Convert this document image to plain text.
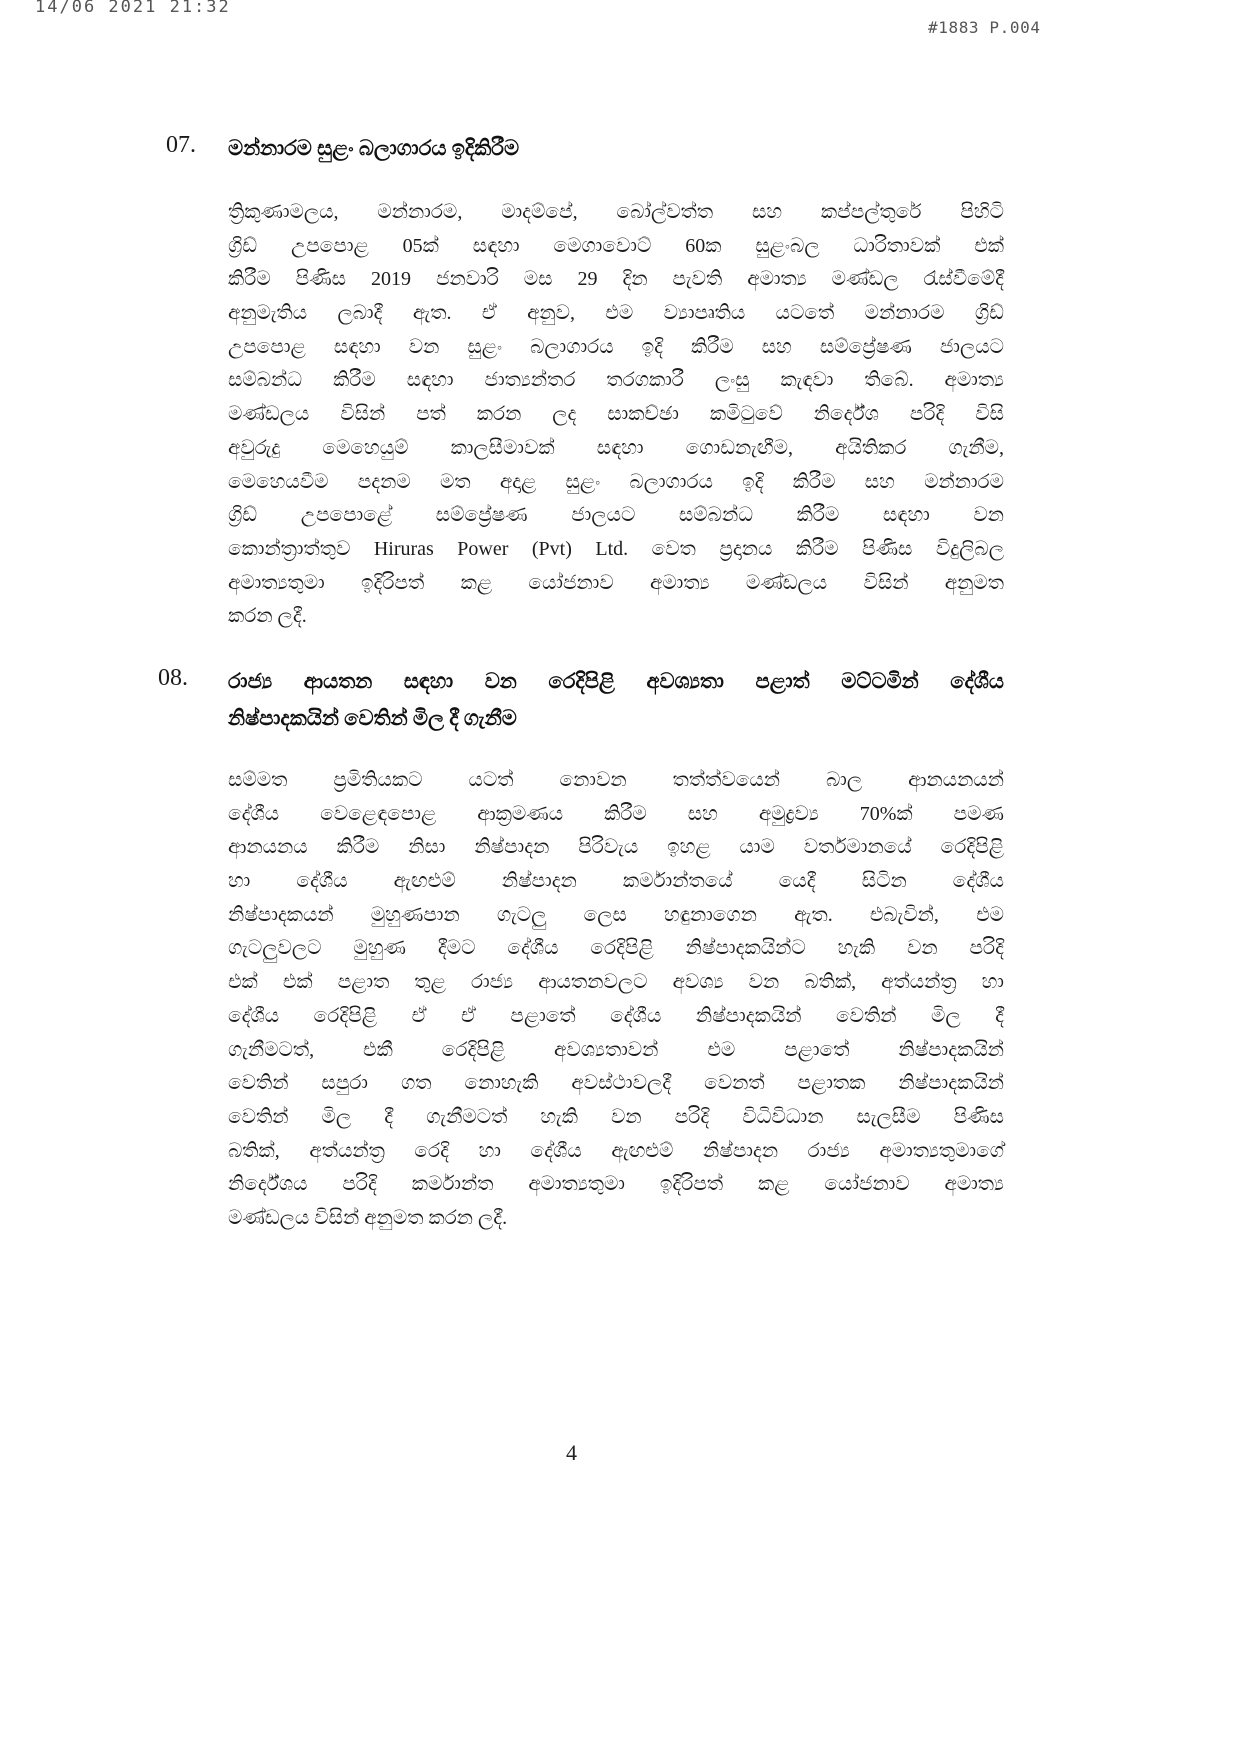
14/06 2021 21:32
#1883 P.004
07. මන්නාරම සුළං බලාගාරය ඉදිකිරීම
ත්‍රිකුණාමලය, මන්නාරම, මාදම්පේ, බෝල්වත්ත සහ කප්පල්තුරේ පිහිටි
ග්‍රිඩ් උපපොළ 05ක් සඳහා මෙගාවොට් 60ක සුළංබල ධාරිතාවක් එක්
කිරීම පිණිස 2019 ජනවාරි මස 29 දින පැවති අමාත්‍ය මණ්ඩල රැස්වීමේදී
අනුමැතිය ලබාදී ඇත. ඒ අනුව, එම ව්‍යාපෘතිය යටතේ මන්නාරම ග්‍රිඩ්
උපපොළ සඳහා වන සුළං බලාගාරය ඉදි කිරීම සහ සම්ප්‍රේෂණ ජාලයට
සම්බන්ධ කිරීම සඳහා ජාත්‍යන්තර තරගකාරී ලංසු කැඳවා තිබේ. අමාත්‍ය
මණ්ඩලය විසින් පත් කරන ලද සාකච්ඡා කමිටුවේ නිර්දේශ පරිදි විසි
අවුරුදු මෙහෙයුම් කාලසීමාවක් සඳහා ගොඩනැඟීම, අයිතිකර ගැනීම,
මෙහෙයවීම පදනම මත අදාළ සුළං බලාගාරය ඉදි කිරීම සහ මන්නාරම
ග්‍රිඩ් උපපොළේ සම්ප්‍රේෂණ ජාලයට සම්බන්ධ කිරීම සඳහා වන
කොන්ත්‍රාත්තුව Hiruras Power (Pvt) Ltd. වෙත ප්‍රදානය කිරීම පිණිස විදුලිබල
අමාත්‍යතුමා ඉදිරිපත් කළ යෝජනාව අමාත්‍ය මණ්ඩලය විසින් අනුමත
කරන ලදී.
08. රාජ්‍ය ආයතන සඳහා වන රෙදිපිළි අවශ්‍යතා පළාත් මට්ටමින් දේශීය
නිෂ්පාදකයින් වෙතින් මිල දී ගැනීම
සම්මත ප්‍රමිතියකට යටත් නොවන තත්ත්වයෙන් බාල ආනයනයන්
දේශීය වෙළෙඳපොළ ආක්‍රමණය කිරීම සහ අමුද්‍රව්‍ය 70%ක් පමණ
ආනයනය කිරීම නිසා නිෂ්පාදන පිරිවැය ඉහළ යාම වර්තමානයේ රෙදිපිළි
හා දේශීය ඇඟළුම් නිෂ්පාදන කර්මාන්තයේ යෙදී සිටින දේශීය
නිෂ්පාදකයන් මුහුණපාන ගැටලු ලෙස හඳුනාගෙන ඇත. එබැවින්, එම
ගැටලුවලට මුහුණ දීමට දේශීය රෙදිපිළි නිෂ්පාදකයින්ට හැකි වන පරිදි
එක් එක් පළාත තුළ රාජ්‍ය ආයතනවලට අවශ්‍ය වන බතික්, අත්යන්ත්‍ර හා
දේශීය රෙදිපිළි ඒ ඒ පළාතේ දේශීය නිෂ්පාදකයින් වෙතින් මිල දී
ගැනීමටත්, එකී රෙදිපිළි අවශ්‍යතාවන් එම පළාතේ නිෂ්පාදකයින්
වෙතින් සපුරා ගත නොහැකි අවස්ථාවලදී වෙනත් පළාතක නිෂ්පාදකයින්
වෙතින් මිල දී ගැනීමටත් හැකි වන පරිදි විධිවිධාන සැලසීම පිණිස
බතික්, අත්යන්ත්‍ර රෙදි හා දේශීය ඇඟළුම් නිෂ්පාදන රාජ්‍ය අමාත්‍යතුමාගේ
නිර්දේශය පරිදි කර්මාන්ත අමාත්‍යතුමා ඉදිරිපත් කළ යෝජනාව අමාත්‍ය
මණ්ඩලය විසින් අනුමත කරන ලදී.
4
